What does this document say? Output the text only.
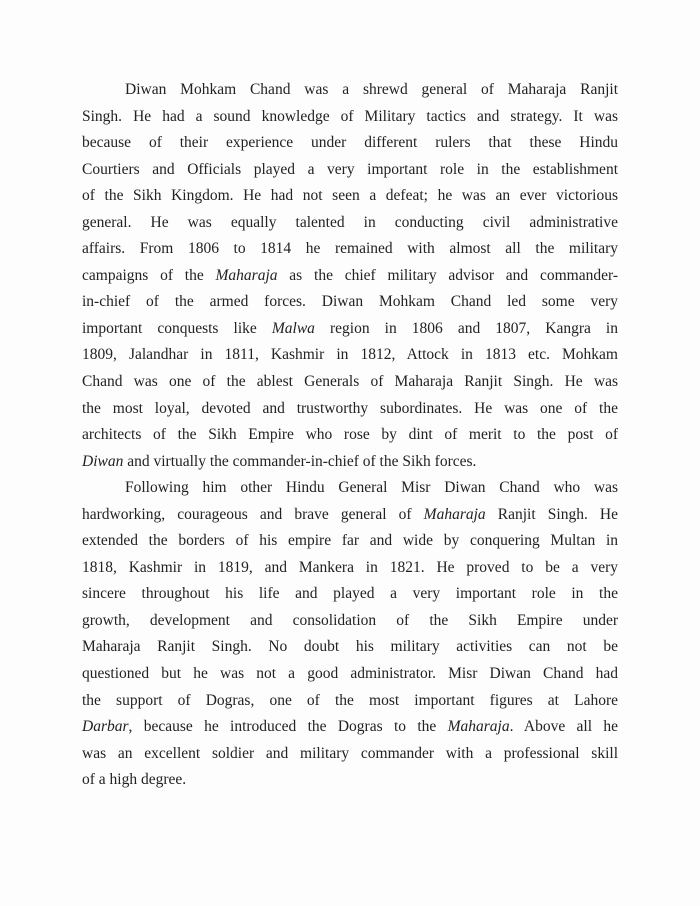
Diwan Mohkam Chand was a shrewd general of Maharaja Ranjit
Singh. He had a sound knowledge of Military tactics and strategy. It was
because of their experience under different rulers that these Hindu
Courtiers and Officials played a very important role in the establishment
of the Sikh Kingdom. He had not seen a defeat; he was an ever victorious
general. He was equally talented in conducting civil administrative
affairs. From 1806 to 1814 he remained with almost all the military
campaigns of the Maharaja as the chief military advisor and commander-
in-chief of the armed forces. Diwan Mohkam Chand led some very
important conquests like Malwa region in 1806 and 1807, Kangra in
1809, Jalandhar in 1811, Kashmir in 1812, Attock in 1813 etc. Mohkam
Chand was one of the ablest Generals of Maharaja Ranjit Singh. He was
the most loyal, devoted and trustworthy subordinates. He was one of the
architects of the Sikh Empire who rose by dint of merit to the post of
Diwan and virtually the commander-in-chief of the Sikh forces.
Following him other Hindu General Misr Diwan Chand who was
hardworking, courageous and brave general of Maharaja Ranjit Singh. He
extended the borders of his empire far and wide by conquering Multan in
1818, Kashmir in 1819, and Mankera in 1821. He proved to be a very
sincere throughout his life and played a very important role in the
growth, development and consolidation of the Sikh Empire under
Maharaja Ranjit Singh. No doubt his military activities can not be
questioned but he was not a good administrator. Misr Diwan Chand had
the support of Dogras, one of the most important figures at Lahore
Darbar, because he introduced the Dogras to the Maharaja. Above all he
was an excellent soldier and military commander with a professional skill
of a high degree.
